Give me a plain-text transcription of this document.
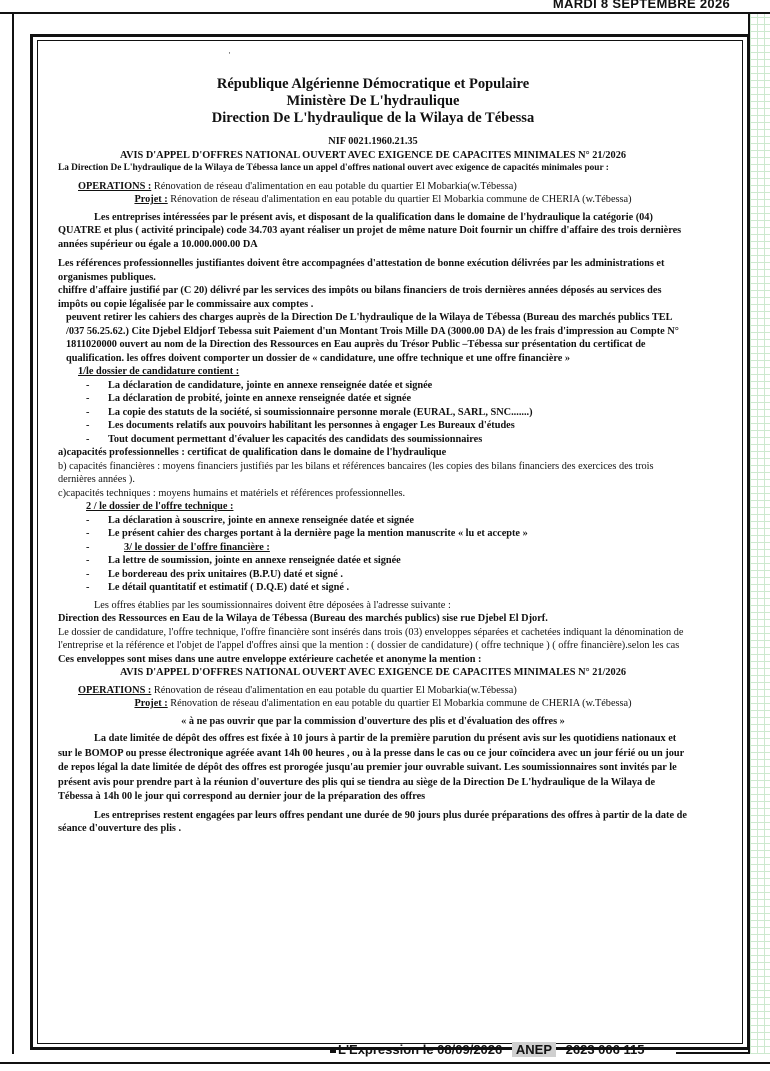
MARDI 8 SEPTEMBRE 2026
·

République Algérienne Démocratique et Populaire

Ministère De L'hydraulique

Direction De L'hydraulique de la Wilaya de Tébessa

NIF 0021.1960.21.35

AVIS D'APPEL D'OFFRES NATIONAL OUVERT AVEC EXIGENCE DE CAPACITES MINIMALES N° 21/2026

La Direction De L'hydraulique de la Wilaya de Tébessa lance un appel d'offres national ouvert avec exigence de capacités minimales pour :

OPERATIONS : Rénovation de réseau d'alimentation en eau potable du quartier El Mobarkia(w.Tébessa)

Projet : Rénovation de réseau d'alimentation en eau potable du quartier El Mobarkia commune de CHERIA (w.Tébessa)

Les entreprises intéressées par le présent avis, et disposant de la qualification dans le domaine de l'hydraulique la catégorie (04) QUATRE et plus ( activité principale) code 34.703 ayant réaliser un projet de même nature Doit fournir un chiffre d'affaire des trois dernières années supérieur ou égale a 10.000.000.00 DA

Les références professionnelles justifiantes doivent être accompagnées d'attestation de bonne exécution délivrées par les administrations et organismes publiques.

chiffre d'affaire justifié par (C 20) délivré par les services des impôts ou bilans financiers de trois dernières années déposés au services des impôts ou copie légalisée par le commissaire aux comptes .

peuvent retirer les cahiers des charges auprès de la Direction De L'hydraulique de la Wilaya de Tébessa (Bureau des marchés publics TEL /037 56.25.62.) Cite Djebel Eldjorf Tebessa suit Paiement d'un Montant Trois Mille DA (3000.00 DA) de les frais d'impression au Compte N° 1811020000 ouvert au nom de la Direction des Ressources en Eau auprès du Trésor Public –Tébessa sur présentation du certificat de qualification. les offres doivent comporter un dossier de « candidature, une offre technique et une offre financière »

1/le dossier de candidature contient :

- La déclaration de candidature, jointe en annexe renseignée datée et signée
- La déclaration de probité, jointe en annexe renseignée datée et signée
- La copie des statuts de la société, si soumissionnaire personne morale (EURAL, SARL, SNC.......)
- Les documents relatifs aux pouvoirs habilitant les personnes à engager Les Bureaux d'études
- Tout document permettant d'évaluer les capacités des candidats des soumissionnaires

a)capacités professionnelles : certificat de qualification dans le domaine de l'hydraulique

b) capacités financières : moyens financiers justifiés par les bilans et références bancaires (les copies des bilans financiers des exercices des trois dernières années ).

c)capacités techniques : moyens humains et matériels et références professionnelles.

2 / le dossier de l'offre technique :

- La déclaration à souscrire, jointe en annexe renseignée datée et signée
- Le présent cahier des charges portant à la dernière page la mention manuscrite « lu et accepte »
- 3/ le dossier de l'offre financière :
- La lettre de soumission, jointe en annexe renseignée datée et signée
- Le bordereau des prix unitaires (B.P.U) daté et signé .
- Le détail quantitatif et estimatif ( D.Q.E) daté et signé .

Les offres établies par les soumissionnaires doivent être déposées à l'adresse suivante :

Direction des Ressources en Eau de la Wilaya de Tébessa (Bureau des marchés publics) sise rue Djebel El Djorf.

Le dossier de candidature, l'offre technique, l'offre financière sont insérés dans trois (03) enveloppes séparées et cachetées indiquant la dénomination de l'entreprise et la référence et l'objet de l'appel d'offres ainsi que la mention : ( dossier de candidature) ( offre technique ) ( offre financière).selon les cas

Ces enveloppes sont mises dans une autre enveloppe extérieure cachetée et anonyme la mention :

AVIS D'APPEL D'OFFRES NATIONAL OUVERT AVEC EXIGENCE DE CAPACITES MINIMALES N° 21/2026

OPERATIONS : Rénovation de réseau d'alimentation en eau potable du quartier El Mobarkia(w.Tébessa)

Projet : Rénovation de réseau d'alimentation en eau potable du quartier El Mobarkia commune de CHERIA (w.Tébessa)

« à ne pas ouvrir que par la commission d'ouverture des plis et d'évaluation des offres »

La date limitée de dépôt des offres est fixée à 10 jours à partir de la première parution du présent avis sur les quotidiens nationaux et sur le BOMOP ou presse électronique agréée avant 14h 00 heures , ou à la presse dans le cas ou ce jour coïncidera avec un jour férié ou un jour de repos légal la date limitée de dépôt des offres est prorogée jusqu'au premier jour ouvrable suivant. Les soumissionnaires sont invités par le présent avis pour prendre part à la réunion d'ouverture des plis qui se tiendra au siège de la Direction De L'hydraulique de la Wilaya de Tébessa à 14h 00 le jour qui correspond au dernier jour de la préparation des offres

Les entreprises restent engagées par leurs offres pendant une durée de 90 jours plus durée préparations des offres à partir de la date de séance d'ouverture des plis .

L'Expression le 08/09/2026 ANEP 2623 006 115
